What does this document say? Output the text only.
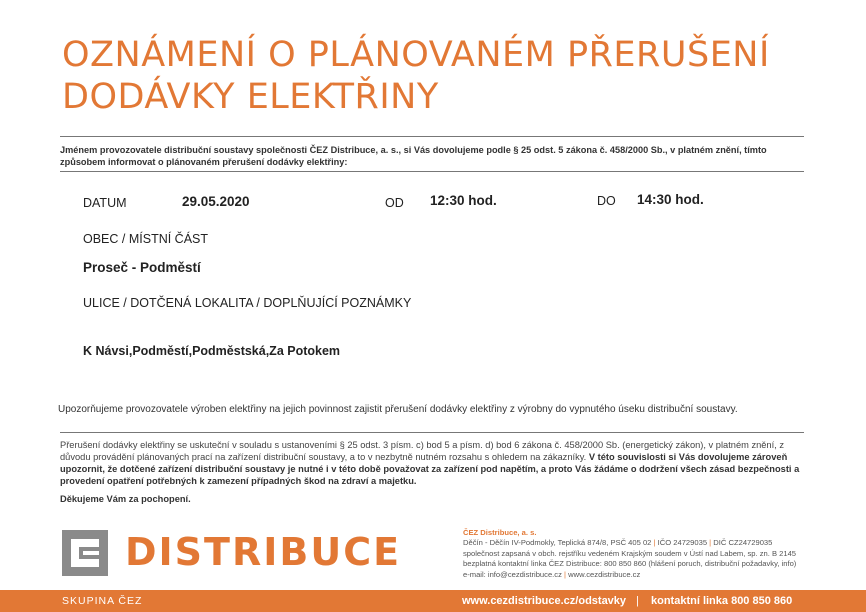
OZNÁMENÍ O PLÁNOVANÉM PŘERUŠENÍ
DODÁVKY ELEKTŘINY
Jménem provozovatele distribuční soustavy společnosti ČEZ Distribuce, a. s., si Vás dovolujeme podle § 25 odst. 5 zákona č. 458/2000 Sb., v platném znění, tímto způsobem informovat o plánovaném přerušení dodávky elektřiny:
DATUM	29.05.2020	OD 12:30 hod.	DO 14:30 hod.
OBEC / MÍSTNÍ ČÁST
Proseč - Podměstí
ULICE / DOTČENÁ LOKALITA / DOPLŇUJÍCÍ POZNÁMKY
K Návsi,Podměstí,Podměstská,Za Potokem
Upozorňujeme provozovatele výroben elektřiny na jejich povinnost zajistit přerušení dodávky elektřiny z výrobny do vypnutého úseku distribuční soustavy.
Přerušení dodávky elektřiny se uskuteční v souladu s ustanoveními § 25 odst. 3 písm. c) bod 5 a písm. d) bod 6 zákona č. 458/2000 Sb. (energetický zákon), v platném znění, z důvodu provádění plánovaných prací na zařízení distribuční soustavy, a to v nezbytně nutném rozsahu s ohledem na zákazníky. V této souvislosti si Vás dovolujeme zároveň upozornit, že dotčené zařízení distribuční soustavy je nutné i v této době považovat za zařízení pod napětím, a proto Vás žádáme o dodržení všech zásad bezpečnosti a provedení opatření potřebných k zamezení případných škod na zdraví a majetku.
Děkujeme Vám za pochopení.
DISTRIBUCE	ČEZ Distribuce, a. s.
Děčín - Děčín IV-Podmokly, Teplická 874/8, PSČ 405 02 | IČO 24729035 | DIČ CZ24729035
společnost zapsaná v obch. rejstříku vedeném Krajským soudem v Ústí nad Labem, sp. zn. B 2145
bezplatná kontaktní linka ČEZ Distribuce: 800 850 860 (hlášení poruch, distribuční požadavky, info)
e-mail: info@cezdistribuce.cz | www.cezdistribuce.cz
SKUPINA ČEZ	www.cezdistribuce.cz/odstavky | kontaktní linka 800 850 860
